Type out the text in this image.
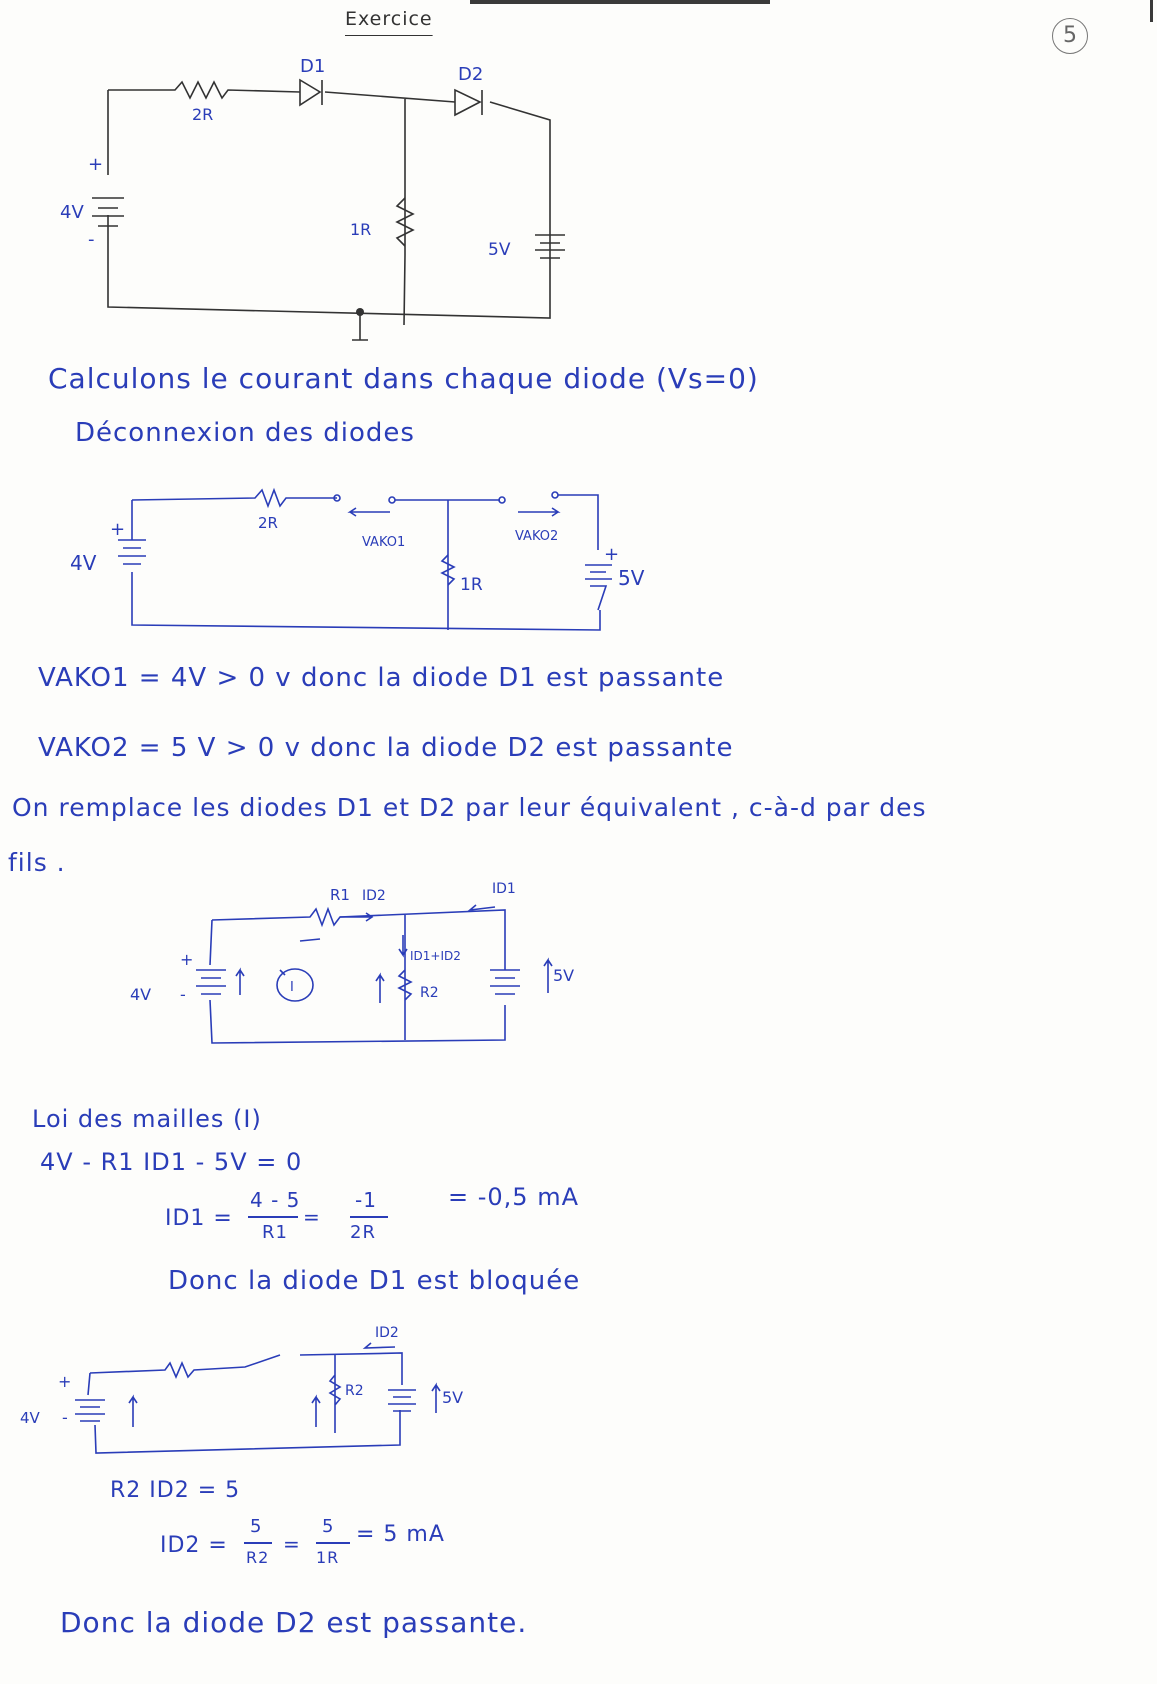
Exercice
5
+
4V
-
2R
D1	D2
1R
5V
Calculons le courant dans chaque diode (Vs=0)
Déconnexion des diodes
+
4V
2R
VAKO1	VAKO2
1R
+
5V
VAKO1 = 4V > 0 v donc la diode D1 est passante
VAKO2 = 5 V > 0 v donc la diode D2 est passante
On remplace les diodes D1 et D2 par leur équivalent , c-à-d par des
fils .
+
4V -
R1 ID2	ID1
ID1+ID2
R2
I
5V
Loi des mailles (I)
4V - R1 ID1 - 5V = 0
ID1 =
4 - 5
R1
=
-1
2R
= -0,5 mA
Donc la diode D1 est bloquée
+
-
4V
ID2
R2	5V
R2 ID2 = 5
ID2 =
5
R2
=
5
1R
= 5 mA
Donc la diode D2 est passante.
